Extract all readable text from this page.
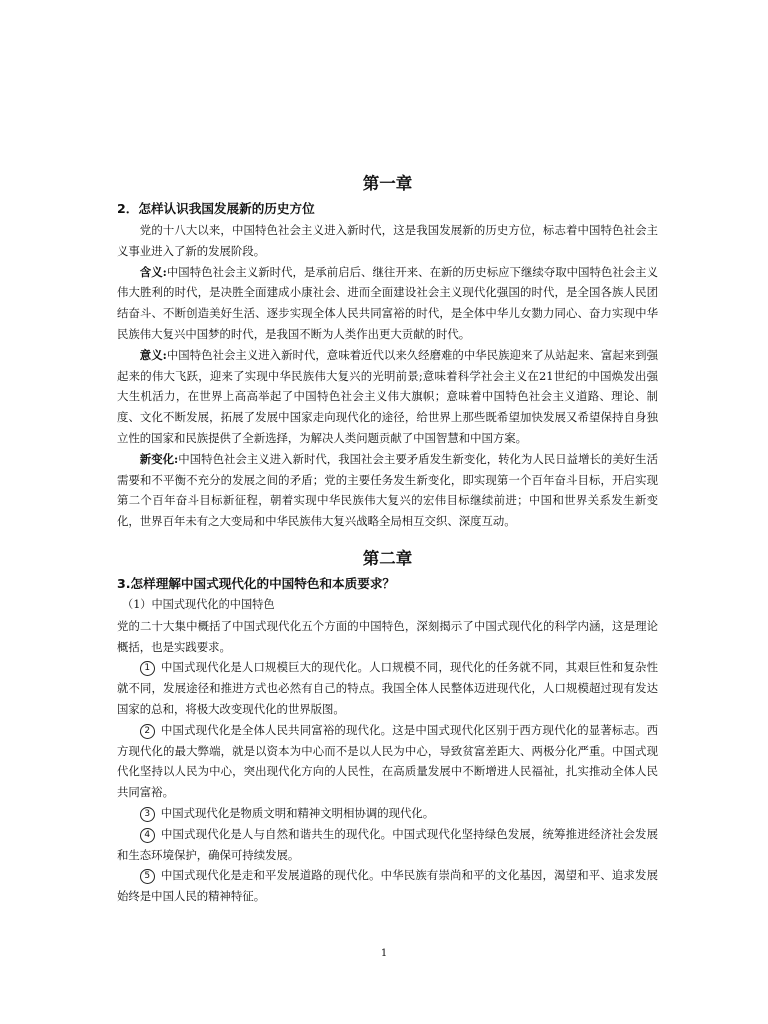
第一章
2．怎样认识我国发展新的历史方位

党的十八大以来，中国特色社会主义进入新时代，这是我国发展新的历史方位，标志着中国特色社会主义事业进入了新的发展阶段。

含义:中国特色社会主义新时代，是承前启后、继往开来、在新的历史标应下继续夺取中国特色社会主义伟大胜利的时代，是决胜全面建成小康社会、进而全面建设社会主义现代化强国的时代，是全国各族人民团结奋斗、不断创造美好生活、逐步实现全体人民共同富裕的时代，是全体中华儿女勠力同心、奋力实现中华民族伟大复兴中国梦的时代，是我国不断为人类作出更大贡献的时代。

意义:中国特色社会主义进入新时代，意味着近代以来久经磨难的中华民族迎来了从站起来、富起来到强起来的伟大飞跃，迎来了实现中华民族伟大复兴的光明前景;意味着科学社会主义在21世纪的中国焕发出强大生机活力，在世界上高高举起了中国特色社会主义伟大旗帜；意味着中国特色社会主义道路、理论、制度、文化不断发展，拓展了发展中国家走向现代化的途径，给世界上那些既希望加快发展又希望保持自身独立性的国家和民族提供了全新选择，为解决人类问题贡献了中国智慧和中国方案。

新变化:中国特色社会主义进入新时代，我国社会主要矛盾发生新变化，转化为人民日益增长的美好生活需要和不平衡不充分的发展之间的矛盾；党的主要任务发生新变化，即实现第一个百年奋斗目标，开启实现第二个百年奋斗目标新征程，朝着实现中华民族伟大复兴的宏伟目标继续前进；中国和世界关系发生新变化，世界百年未有之大变局和中华民族伟大复兴战略全局相互交织、深度互动。

第二章
3.怎样理解中国式现代化的中国特色和本质要求？

（1）中国式现代化的中国特色

党的二十大集中概括了中国式现代化五个方面的中国特色，深刻揭示了中国式现代化的科学内涵，这是理论概括，也是实践要求。

1 中国式现代化是人口规模巨大的现代化。人口规模不同，现代化的任务就不同，其艰巨性和复杂性就不同，发展途径和推进方式也必然有自己的特点。我国全体人民整体迈进现代化，人口规模超过现有发达国家的总和，将极大改变现代化的世界版图。

2 中国式现代化是全体人民共同富裕的现代化。这是中国式现代化区别于西方现代化的显著标志。西方现代化的最大弊端，就是以资本为中心而不是以人民为中心，导致贫富差距大、两极分化严重。中国式现代化坚持以人民为中心，突出现代化方向的人民性，在高质量发展中不断增进人民福祉，扎实推动全体人民共同富裕。

3 中国式现代化是物质文明和精神文明相协调的现代化。

4 中国式现代化是人与自然和谐共生的现代化。中国式现代化坚持绿色发展，统筹推进经济社会发展和生态环境保护，确保可持续发展。

5 中国式现代化是走和平发展道路的现代化。中华民族有崇尚和平的文化基因，渴望和平、追求发展始终是中国人民的精神特征。

1
